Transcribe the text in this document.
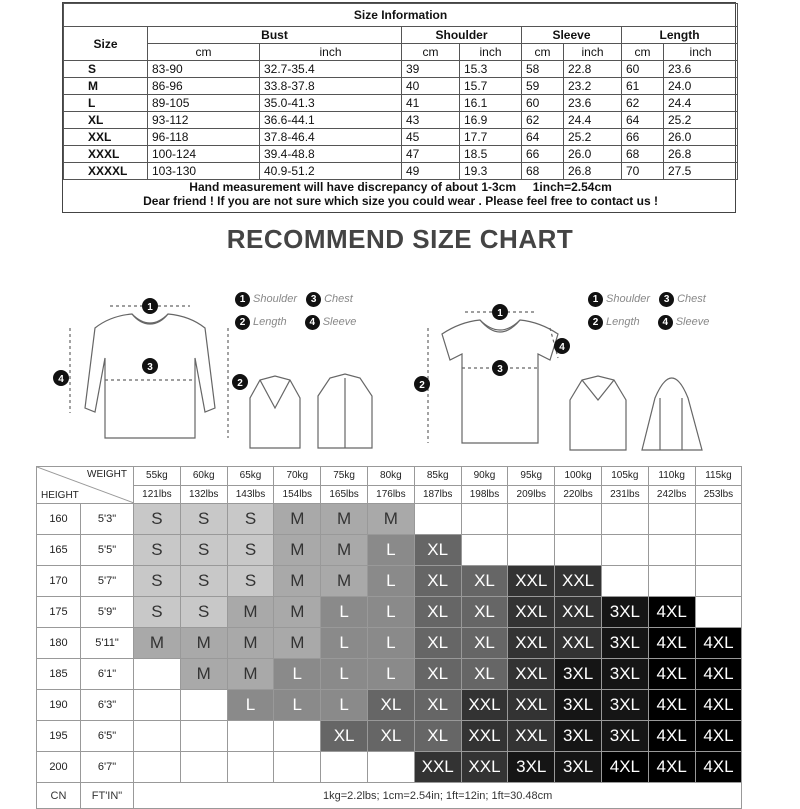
Size Information								
Size	Bust		Shoulder		Sleeve		Length	
	cm	inch	cm	inch	cm	inch	cm	inch
S	83-90	32.7-35.4	39	15.3	58	22.8	60	23.6
M	86-96	33.8-37.8	40	15.7	59	23.2	61	24.0
L	89-105	35.0-41.3	41	16.1	60	23.6	62	24.4
XL	93-112	36.6-44.1	43	16.9	62	24.4	64	25.2
XXL	96-118	37.8-46.4	45	17.7	64	25.2	66	26.0
XXXL	100-124	39.4-48.8	47	18.5	66	26.0	68	26.8
XXXXL	103-130	40.9-51.2	49	19.3	68	26.8	70	27.5
Hand measurement will have discrepancy of about 1-3cm     1inch=2.54cm								
Dear friend ! If you are not sure which size you could wear . Please feel free to contact us !								
RECOMMEND SIZE CHART
1
3
4	2
1 Shoulder 3 Chest
2 Length 4 Sleeve
1
3
2
4
1 Shoulder 3 Chest
2 Length 4 Sleeve
WEIGHT
HEIGHT		55kg	60kg	65kg	70kg	75kg	80kg	85kg	90kg	95kg	100kg	105kg	110kg	115kg
		121lbs	132lbs	143lbs	154lbs	165lbs	176lbs	187lbs	198lbs	209lbs	220lbs	231lbs	242lbs	253lbs
160	5'3"	S	S	S	M	M	M							
165	5'5"	S	S	S	M	M	L	XL						
170	5'7"	S	S	S	M	M	L	XL	XL	XXL	XXL			
175	5'9"	S	S	M	M	L	L	XL	XL	XXL	XXL	3XL	4XL	
180	5'11"	M	M	M	M	L	L	XL	XL	XXL	XXL	3XL	4XL	4XL
185	6'1"		M	M	L	L	L	XL	XL	XXL	3XL	3XL	4XL	4XL
190	6'3"			L	L	L	XL	XL	XXL	XXL	3XL	3XL	4XL	4XL
195	6'5"					XL	XL	XL	XXL	XXL	3XL	3XL	4XL	4XL
200	6'7"							XXL	XXL	3XL	3XL	4XL	4XL	4XL
CN	FT'IN"	1kg=2.2lbs; 1cm=2.54in; 1ft=12in; 1ft=30.48cm												
